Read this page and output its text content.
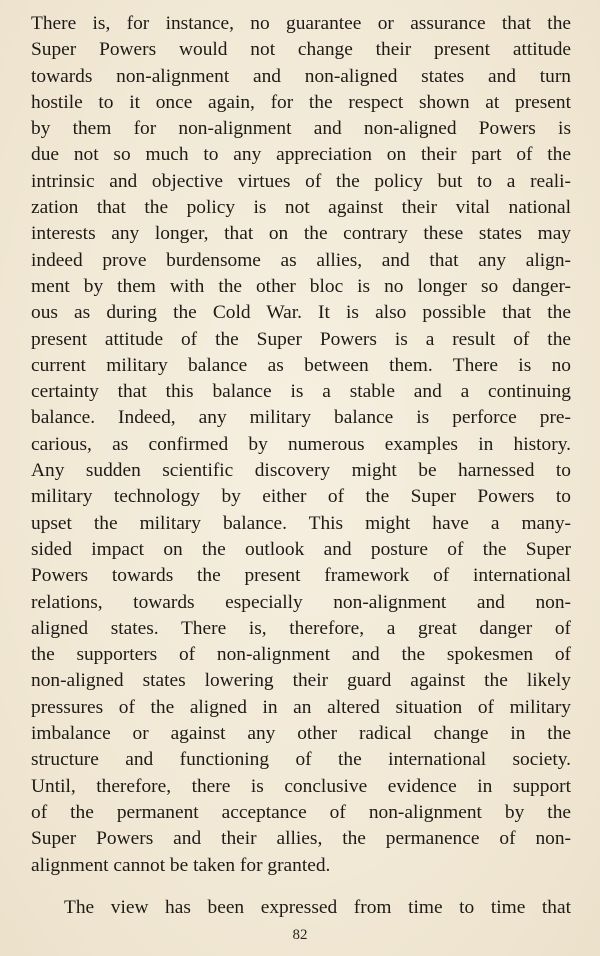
There is, for instance, no guarantee or assurance that the
Super Powers would not change their present attitude
towards non-alignment and non-aligned states and turn
hostile to it once again, for the respect shown at present
by them for non-alignment and non-aligned Powers is
due not so much to any appreciation on their part of the
intrinsic and objective virtues of the policy but to a reali-
zation that the policy is not against their vital national
interests any longer, that on the contrary these states may
indeed prove burdensome as allies, and that any align-
ment by them with the other bloc is no longer so danger-
ous as during the Cold War. It is also possible that the
present attitude of the Super Powers is a result of the
current military balance as between them. There is no
certainty that this balance is a stable and a continuing
balance. Indeed, any military balance is perforce pre-
carious, as confirmed by numerous examples in history.
Any sudden scientific discovery might be harnessed to
military technology by either of the Super Powers to
upset the military balance. This might have a many-
sided impact on the outlook and posture of the Super
Powers towards the present framework of international
relations, towards especially non-alignment and non-
aligned states. There is, therefore, a great danger of
the supporters of non-alignment and the spokesmen of
non-aligned states lowering their guard against the likely
pressures of the aligned in an altered situation of military
imbalance or against any other radical change in the
structure and functioning of the international society.
Until, therefore, there is conclusive evidence in support
of the permanent acceptance of non-alignment by the
Super Powers and their allies, the permanence of non-
alignment cannot be taken for granted.
The view has been expressed from time to time that
82
